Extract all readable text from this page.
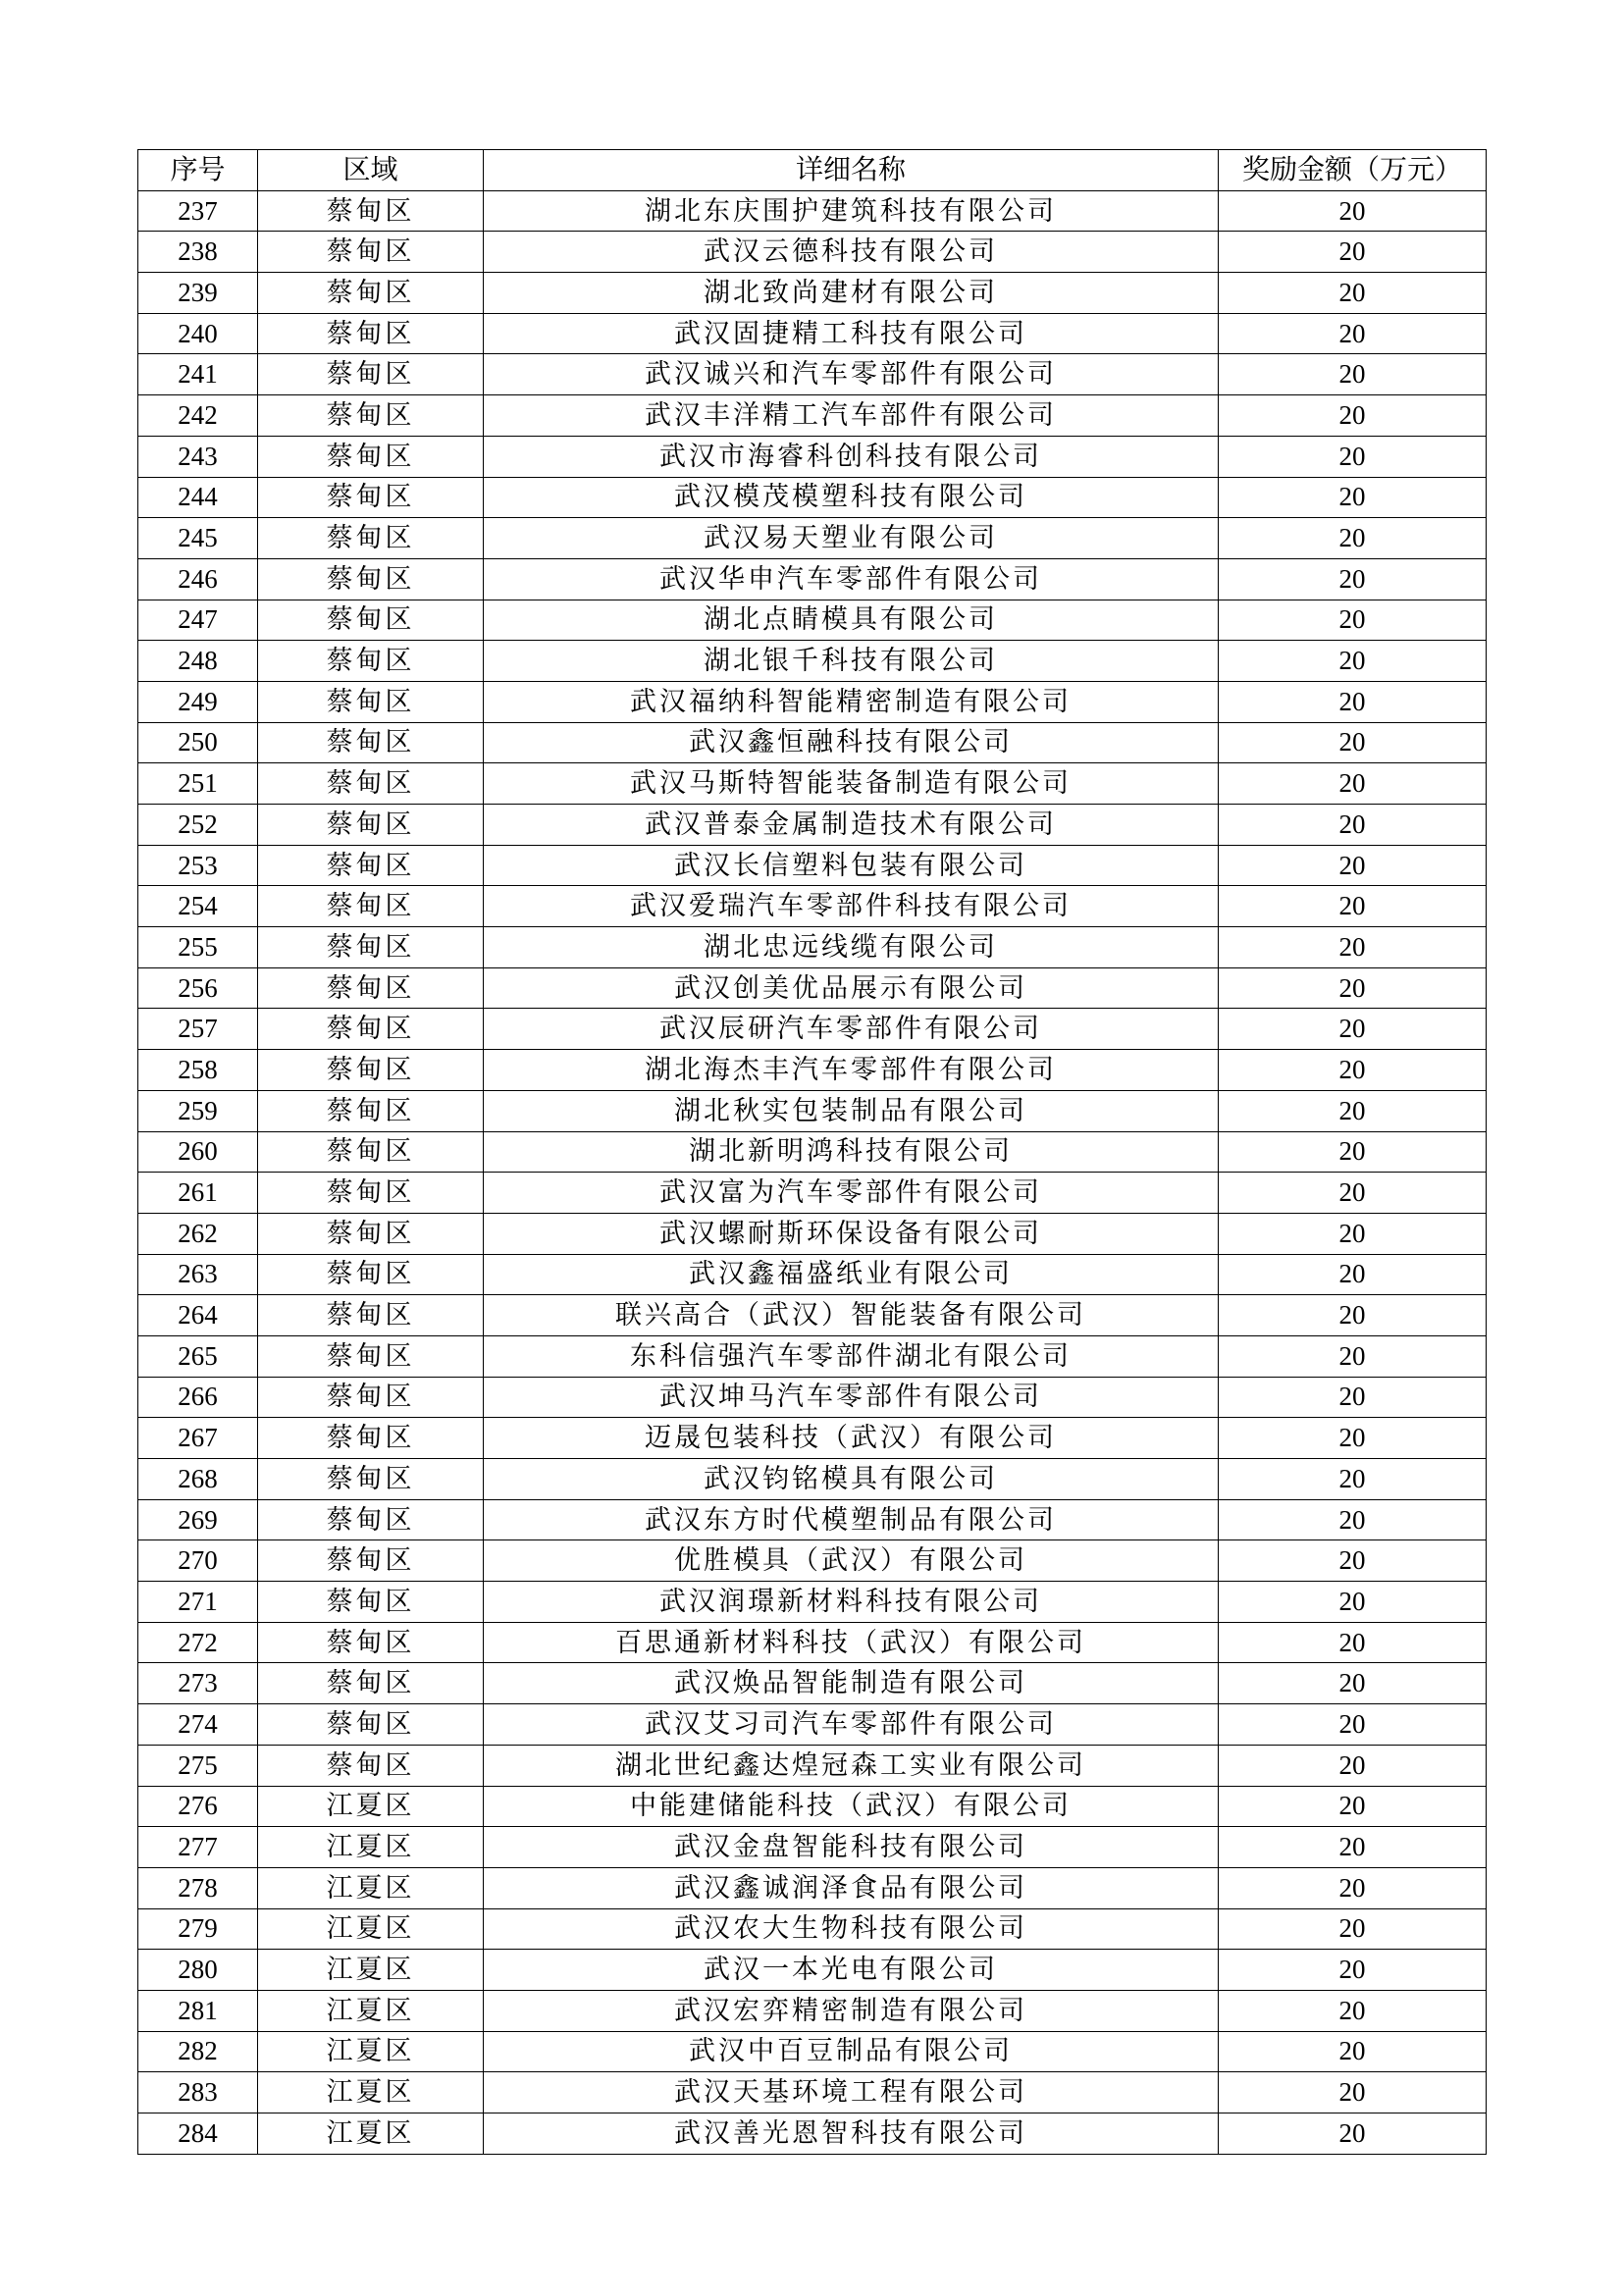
序号	区域	详细名称	奖励金额（万元）
237	蔡甸区	湖北东庆围护建筑科技有限公司	20
238	蔡甸区	武汉云德科技有限公司	20
239	蔡甸区	湖北致尚建材有限公司	20
240	蔡甸区	武汉固捷精工科技有限公司	20
241	蔡甸区	武汉诚兴和汽车零部件有限公司	20
242	蔡甸区	武汉丰洋精工汽车部件有限公司	20
243	蔡甸区	武汉市海睿科创科技有限公司	20
244	蔡甸区	武汉模茂模塑科技有限公司	20
245	蔡甸区	武汉易天塑业有限公司	20
246	蔡甸区	武汉华申汽车零部件有限公司	20
247	蔡甸区	湖北点睛模具有限公司	20
248	蔡甸区	湖北银千科技有限公司	20
249	蔡甸区	武汉福纳科智能精密制造有限公司	20
250	蔡甸区	武汉鑫恒融科技有限公司	20
251	蔡甸区	武汉马斯特智能装备制造有限公司	20
252	蔡甸区	武汉普泰金属制造技术有限公司	20
253	蔡甸区	武汉长信塑料包装有限公司	20
254	蔡甸区	武汉爱瑞汽车零部件科技有限公司	20
255	蔡甸区	湖北忠远线缆有限公司	20
256	蔡甸区	武汉创美优品展示有限公司	20
257	蔡甸区	武汉辰研汽车零部件有限公司	20
258	蔡甸区	湖北海杰丰汽车零部件有限公司	20
259	蔡甸区	湖北秋实包装制品有限公司	20
260	蔡甸区	湖北新明鸿科技有限公司	20
261	蔡甸区	武汉富为汽车零部件有限公司	20
262	蔡甸区	武汉螺耐斯环保设备有限公司	20
263	蔡甸区	武汉鑫福盛纸业有限公司	20
264	蔡甸区	联兴高合（武汉）智能装备有限公司	20
265	蔡甸区	东科信强汽车零部件湖北有限公司	20
266	蔡甸区	武汉坤马汽车零部件有限公司	20
267	蔡甸区	迈晟包装科技（武汉）有限公司	20
268	蔡甸区	武汉钧铭模具有限公司	20
269	蔡甸区	武汉东方时代模塑制品有限公司	20
270	蔡甸区	优胜模具（武汉）有限公司	20
271	蔡甸区	武汉润璟新材料科技有限公司	20
272	蔡甸区	百思通新材料科技（武汉）有限公司	20
273	蔡甸区	武汉焕品智能制造有限公司	20
274	蔡甸区	武汉艾习司汽车零部件有限公司	20
275	蔡甸区	湖北世纪鑫达煌冠森工实业有限公司	20
276	江夏区	中能建储能科技（武汉）有限公司	20
277	江夏区	武汉金盘智能科技有限公司	20
278	江夏区	武汉鑫诚润泽食品有限公司	20
279	江夏区	武汉农大生物科技有限公司	20
280	江夏区	武汉一本光电有限公司	20
281	江夏区	武汉宏弈精密制造有限公司	20
282	江夏区	武汉中百豆制品有限公司	20
283	江夏区	武汉天基环境工程有限公司	20
284	江夏区	武汉善光恩智科技有限公司	20
